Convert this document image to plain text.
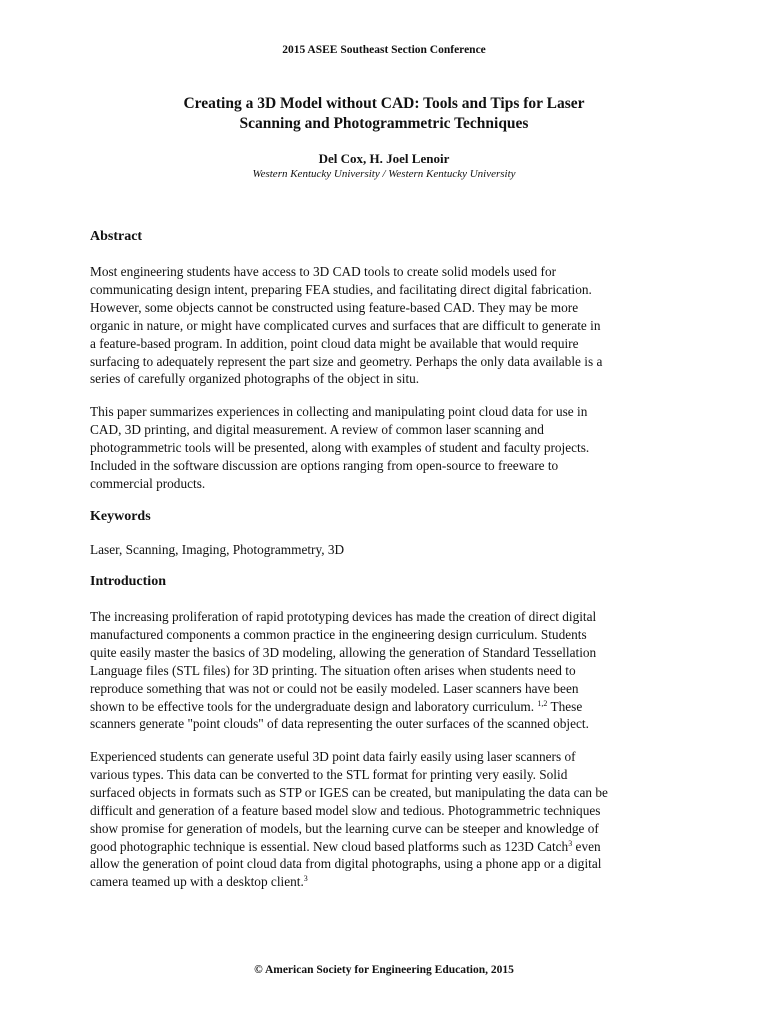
2015 ASEE Southeast Section Conference
Creating a 3D Model without CAD: Tools and Tips for Laser
Scanning and Photogrammetric Techniques
Del Cox, H. Joel Lenoir
Western Kentucky University / Western Kentucky University
Abstract
Most engineering students have access to 3D CAD tools to create solid models used for
communicating design intent, preparing FEA studies, and facilitating direct digital fabrication.
However, some objects cannot be constructed using feature-based CAD. They may be more
organic in nature, or might have complicated curves and surfaces that are difficult to generate in
a feature-based program. In addition, point cloud data might be available that would require
surfacing to adequately represent the part size and geometry. Perhaps the only data available is a
series of carefully organized photographs of the object in situ.
This paper summarizes experiences in collecting and manipulating point cloud data for use in
CAD, 3D printing, and digital measurement. A review of common laser scanning and
photogrammetric tools will be presented, along with examples of student and faculty projects.
Included in the software discussion are options ranging from open-source to freeware to
commercial products.
Keywords
Laser, Scanning, Imaging, Photogrammetry, 3D
Introduction
The increasing proliferation of rapid prototyping devices has made the creation of direct digital
manufactured components a common practice in the engineering design curriculum. Students
quite easily master the basics of 3D modeling, allowing the generation of Standard Tessellation
Language files (STL files) for 3D printing. The situation often arises when students need to
reproduce something that was not or could not be easily modeled. Laser scanners have been
shown to be effective tools for the undergraduate design and laboratory curriculum. $^{1,2}$ These
scanners generate "point clouds" of data representing the outer surfaces of the scanned object.
Experienced students can generate useful 3D point data fairly easily using laser scanners of
various types. This data can be converted to the STL format for printing very easily. Solid
surfaced objects in formats such as STP or IGES can be created, but manipulating the data can be
difficult and generation of a feature based model slow and tedious. Photogrammetric techniques
show promise for generation of models, but the learning curve can be steeper and knowledge of
good photographic technique is essential. New cloud based platforms such as 123D Catch$^3$ even
allow the generation of point cloud data from digital photographs, using a phone app or a digital
camera teamed up with a desktop client.$^3$
© American Society for Engineering Education, 2015
